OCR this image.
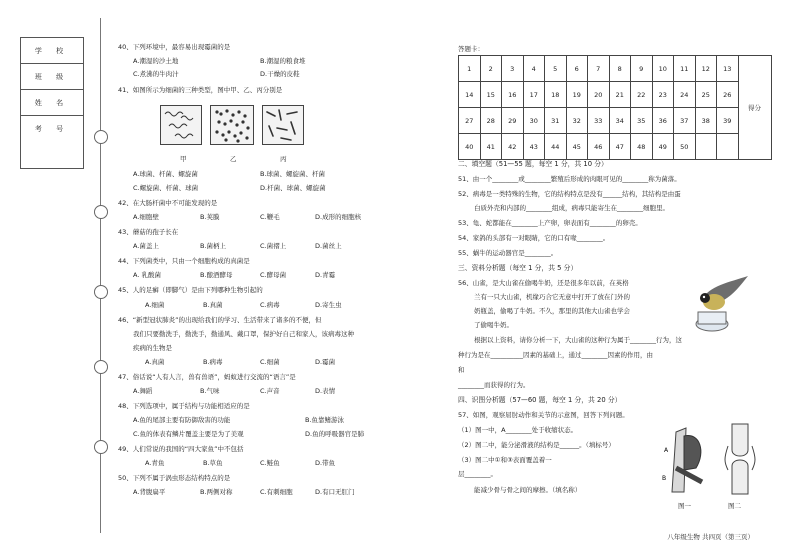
学 校
班 级
姓 名
考 号
40、下列环境中，最容易出现霉菌的是
A.潮湿的沙土地	B.潮湿的粮食堆
C.煮沸的牛肉汁	D.干燥的皮鞋
41、如图所示为细菌的三种类型，图中甲、乙、丙分别是
甲	乙	丙
A.球菌、杆菌、螺旋菌	B.球菌、螺旋菌、杆菌
C.螺旋菌、杆菌、球菌	D.杆菌、球菌、螺旋菌
42、在大肠杆菌中不可能发现的是
A.细胞壁	B.荚膜	C.鞭毛	D.成形的细胞核
43、蘑菇的孢子长在
A.菌盖上	B.菌柄上	C.菌褶上	D.菌丝上
44、下列菌类中，只由一个细胞构成的真菌是
A. 乳酸菌	B.酿酒酵母	C.酵母菌	D.青霉
45、人的足癣（即脚气）是由下列哪种生物引起的
A.细菌	B.真菌	C.病毒	D.寄生虫
46、“新型冠状肺炎”的出现给我们的学习、生活带来了诸多的不便，但
我们只要勤洗手，勤洗手，勤通风、戴口罩，保护好自己和家人，该病毒这种
疾病的生物是
A.真菌	B.病毒	C.细菌	D.霉菌
47、俗话说“人有人言，兽有兽语”，蚂蚁进行交流的“语言”是
A.舞蹈	B.气味	C.声音	D.表情
48、下列选项中，属于结构与功能相适应的是
A.鱼的尾部主要有防御敌害的功能	B.鱼靠鳍游泳
C.鱼的体表有鳞片覆盖主要是为了美观	D.鱼的呼吸器官是肺
49、人们常说的我国的“四大家鱼”中不包括
A.青鱼	B.草鱼	C.鲢鱼	D.带鱼
50、下列不属于涡虫形态结构特点的是
A.背腹扁平	B.两侧对称	C.有刺细胞	D.有口无肛门
答题卡：
1	2	3	4	5	6	7	8	9	10	11	12	13	得分
14	15	16	17	18	19	20	21	22	23	24	25	26	
27	28	29	30	31	32	33	34	35	36	37	38	39	
40	41	42	43	44	45	46	47	48	49	50			
二、填空题（51—55 题，每空 1 分，共 10 分）
51、由一个________或________繁殖后形成的肉眼可见的________称为菌落。
52、病毒是一类特殊的生物，它的结构特点是没有______结构，其结构是由蛋
白质外壳和内部的________组成，病毒只能寄生在________细胞里。
53、龟、蛇都能在________上产卵，卵表面有________的卵壳。
54、家鸽的头部有一对眼睛，它的口有喙________。
55、蜗牛的运动器官是________。
三、资料分析题（每空 1 分，共 5 分）
56、山雀，是大山雀在偷喝牛奶，还是很多年以前，在英格
兰有一只大山雀，机缘巧合它无意中打开了放在门外的
奶瓶盖，偷喝了牛奶。不久，那里的其他大山雀也学会
了偷喝牛奶。
根据以上资料，请你分析一下，大山雀的这种行为属于________行为，这
种行为是在__________因素的基础上，通过________因素的作用，由
和
________而获得的行为。
四、识图分析题（57—60 题，每空 1 分，共 20 分）
57、如图，观察屈肘动作和关节的示意图，回答下列问题。
（1）图一中，A________处于收缩状态。
（2）图二中，能分泌滑液的结构是______。（填标号）
（3）图二中①和③表面覆盖着一
层________。
能减少骨与骨之间的摩擦。（填名称）
A
B
图一	图二
八年级生物 共四页（第三页）
